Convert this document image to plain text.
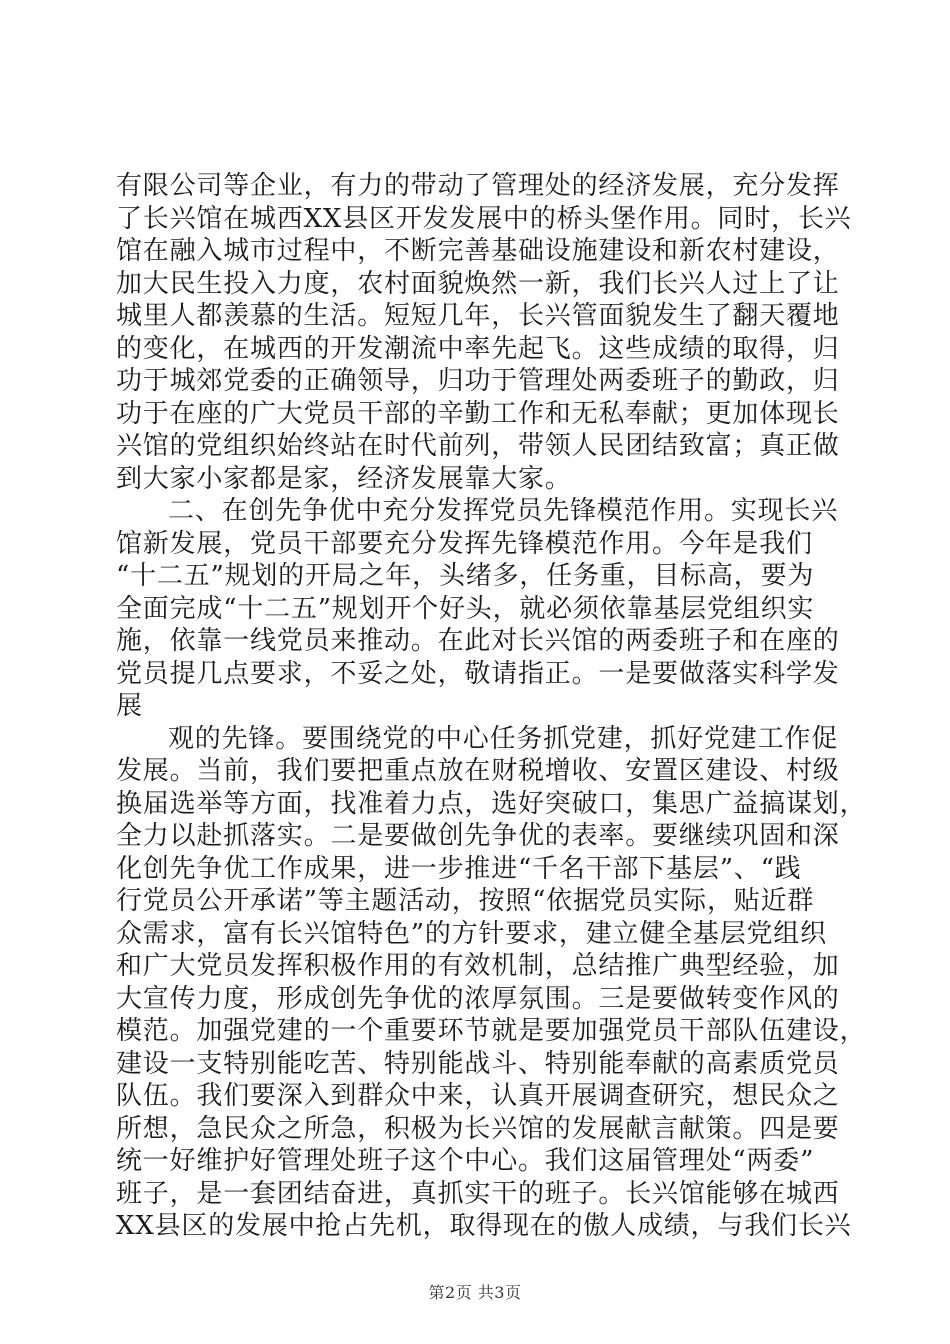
有限公司等企业，有力的带动了管理处的经济发展，充分发挥
了长兴馆在城西XX县区开发发展中的桥头堡作用。同时，长兴
馆在融入城市过程中，不断完善基础设施建设和新农村建设，
加大民生投入力度，农村面貌焕然一新，我们长兴人过上了让
城里人都羡慕的生活。短短几年，长兴管面貌发生了翻天覆地
的变化，在城西的开发潮流中率先起飞。这些成绩的取得，归
功于城郊党委的正确领导，归功于管理处两委班子的勤政，归
功于在座的广大党员干部的辛勤工作和无私奉献；更加体现长
兴馆的党组织始终站在时代前列，带领人民团结致富；真正做
到大家小家都是家，经济发展靠大家。
二、在创先争优中充分发挥党员先锋模范作用。实现长兴
馆新发展，党员干部要充分发挥先锋模范作用。今年是我们
“十二五”规划的开局之年，头绪多，任务重，目标高，要为
全面完成“十二五”规划开个好头，就必须依靠基层党组织实
施，依靠一线党员来推动。在此对长兴馆的两委班子和在座的
党员提几点要求，不妥之处，敬请指正。一是要做落实科学发
展
观的先锋。要围绕党的中心任务抓党建，抓好党建工作促
发展。当前，我们要把重点放在财税增收、安置区建设、村级
换届选举等方面，找准着力点，选好突破口，集思广益搞谋划，
全力以赴抓落实。二是要做创先争优的表率。要继续巩固和深
化创先争优工作成果，进一步推进“千名干部下基层”、“践
行党员公开承诺”等主题活动，按照“依据党员实际，贴近群
众需求，富有长兴馆特色”的方针要求，建立健全基层党组织
和广大党员发挥积极作用的有效机制，总结推广典型经验，加
大宣传力度，形成创先争优的浓厚氛围。三是要做转变作风的
模范。加强党建的一个重要环节就是要加强党员干部队伍建设，
建设一支特别能吃苦、特别能战斗、特别能奉献的高素质党员
队伍。我们要深入到群众中来，认真开展调查研究，想民众之
所想，急民众之所急，积极为长兴馆的发展献言献策。四是要
统一好维护好管理处班子这个中心。我们这届管理处“两委”
班子，是一套团结奋进，真抓实干的班子。长兴馆能够在城西
XX县区的发展中抢占先机，取得现在的傲人成绩，与我们长兴
第2页 共3页
